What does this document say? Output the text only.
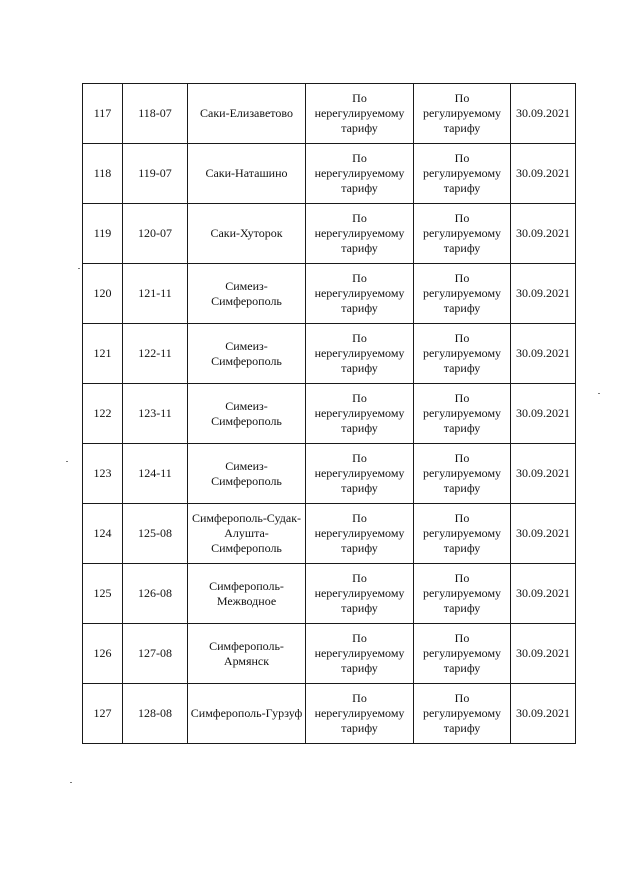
117	118-07	Саки-Елизаветово	По нерегулируемому тарифу	По регулируемому тарифу	30.09.2021
118	119-07	Саки-Наташино	По нерегулируемому тарифу	По регулируемому тарифу	30.09.2021
119	120-07	Саки-Хуторок	По нерегулируемому тарифу	По регулируемому тарифу	30.09.2021
120	121-11	Симеиз-Симферополь	По нерегулируемому тарифу	По регулируемому тарифу	30.09.2021
121	122-11	Симеиз-Симферополь	По нерегулируемому тарифу	По регулируемому тарифу	30.09.2021
122	123-11	Симеиз-Симферополь	По нерегулируемому тарифу	По регулируемому тарифу	30.09.2021
123	124-11	Симеиз-Симферополь	По нерегулируемому тарифу	По регулируемому тарифу	30.09.2021
124	125-08	Симферополь-Судак-Алушта-Симферополь	По нерегулируемому тарифу	По регулируемому тарифу	30.09.2021
125	126-08	Симферополь-Межводное	По нерегулируемому тарифу	По регулируемому тарифу	30.09.2021
126	127-08	Симферополь-Армянск	По нерегулируемому тарифу	По регулируемому тарифу	30.09.2021
127	128-08	Симферополь-Гурзуф	По нерегулируемому тарифу	По регулируемому тарифу	30.09.2021
